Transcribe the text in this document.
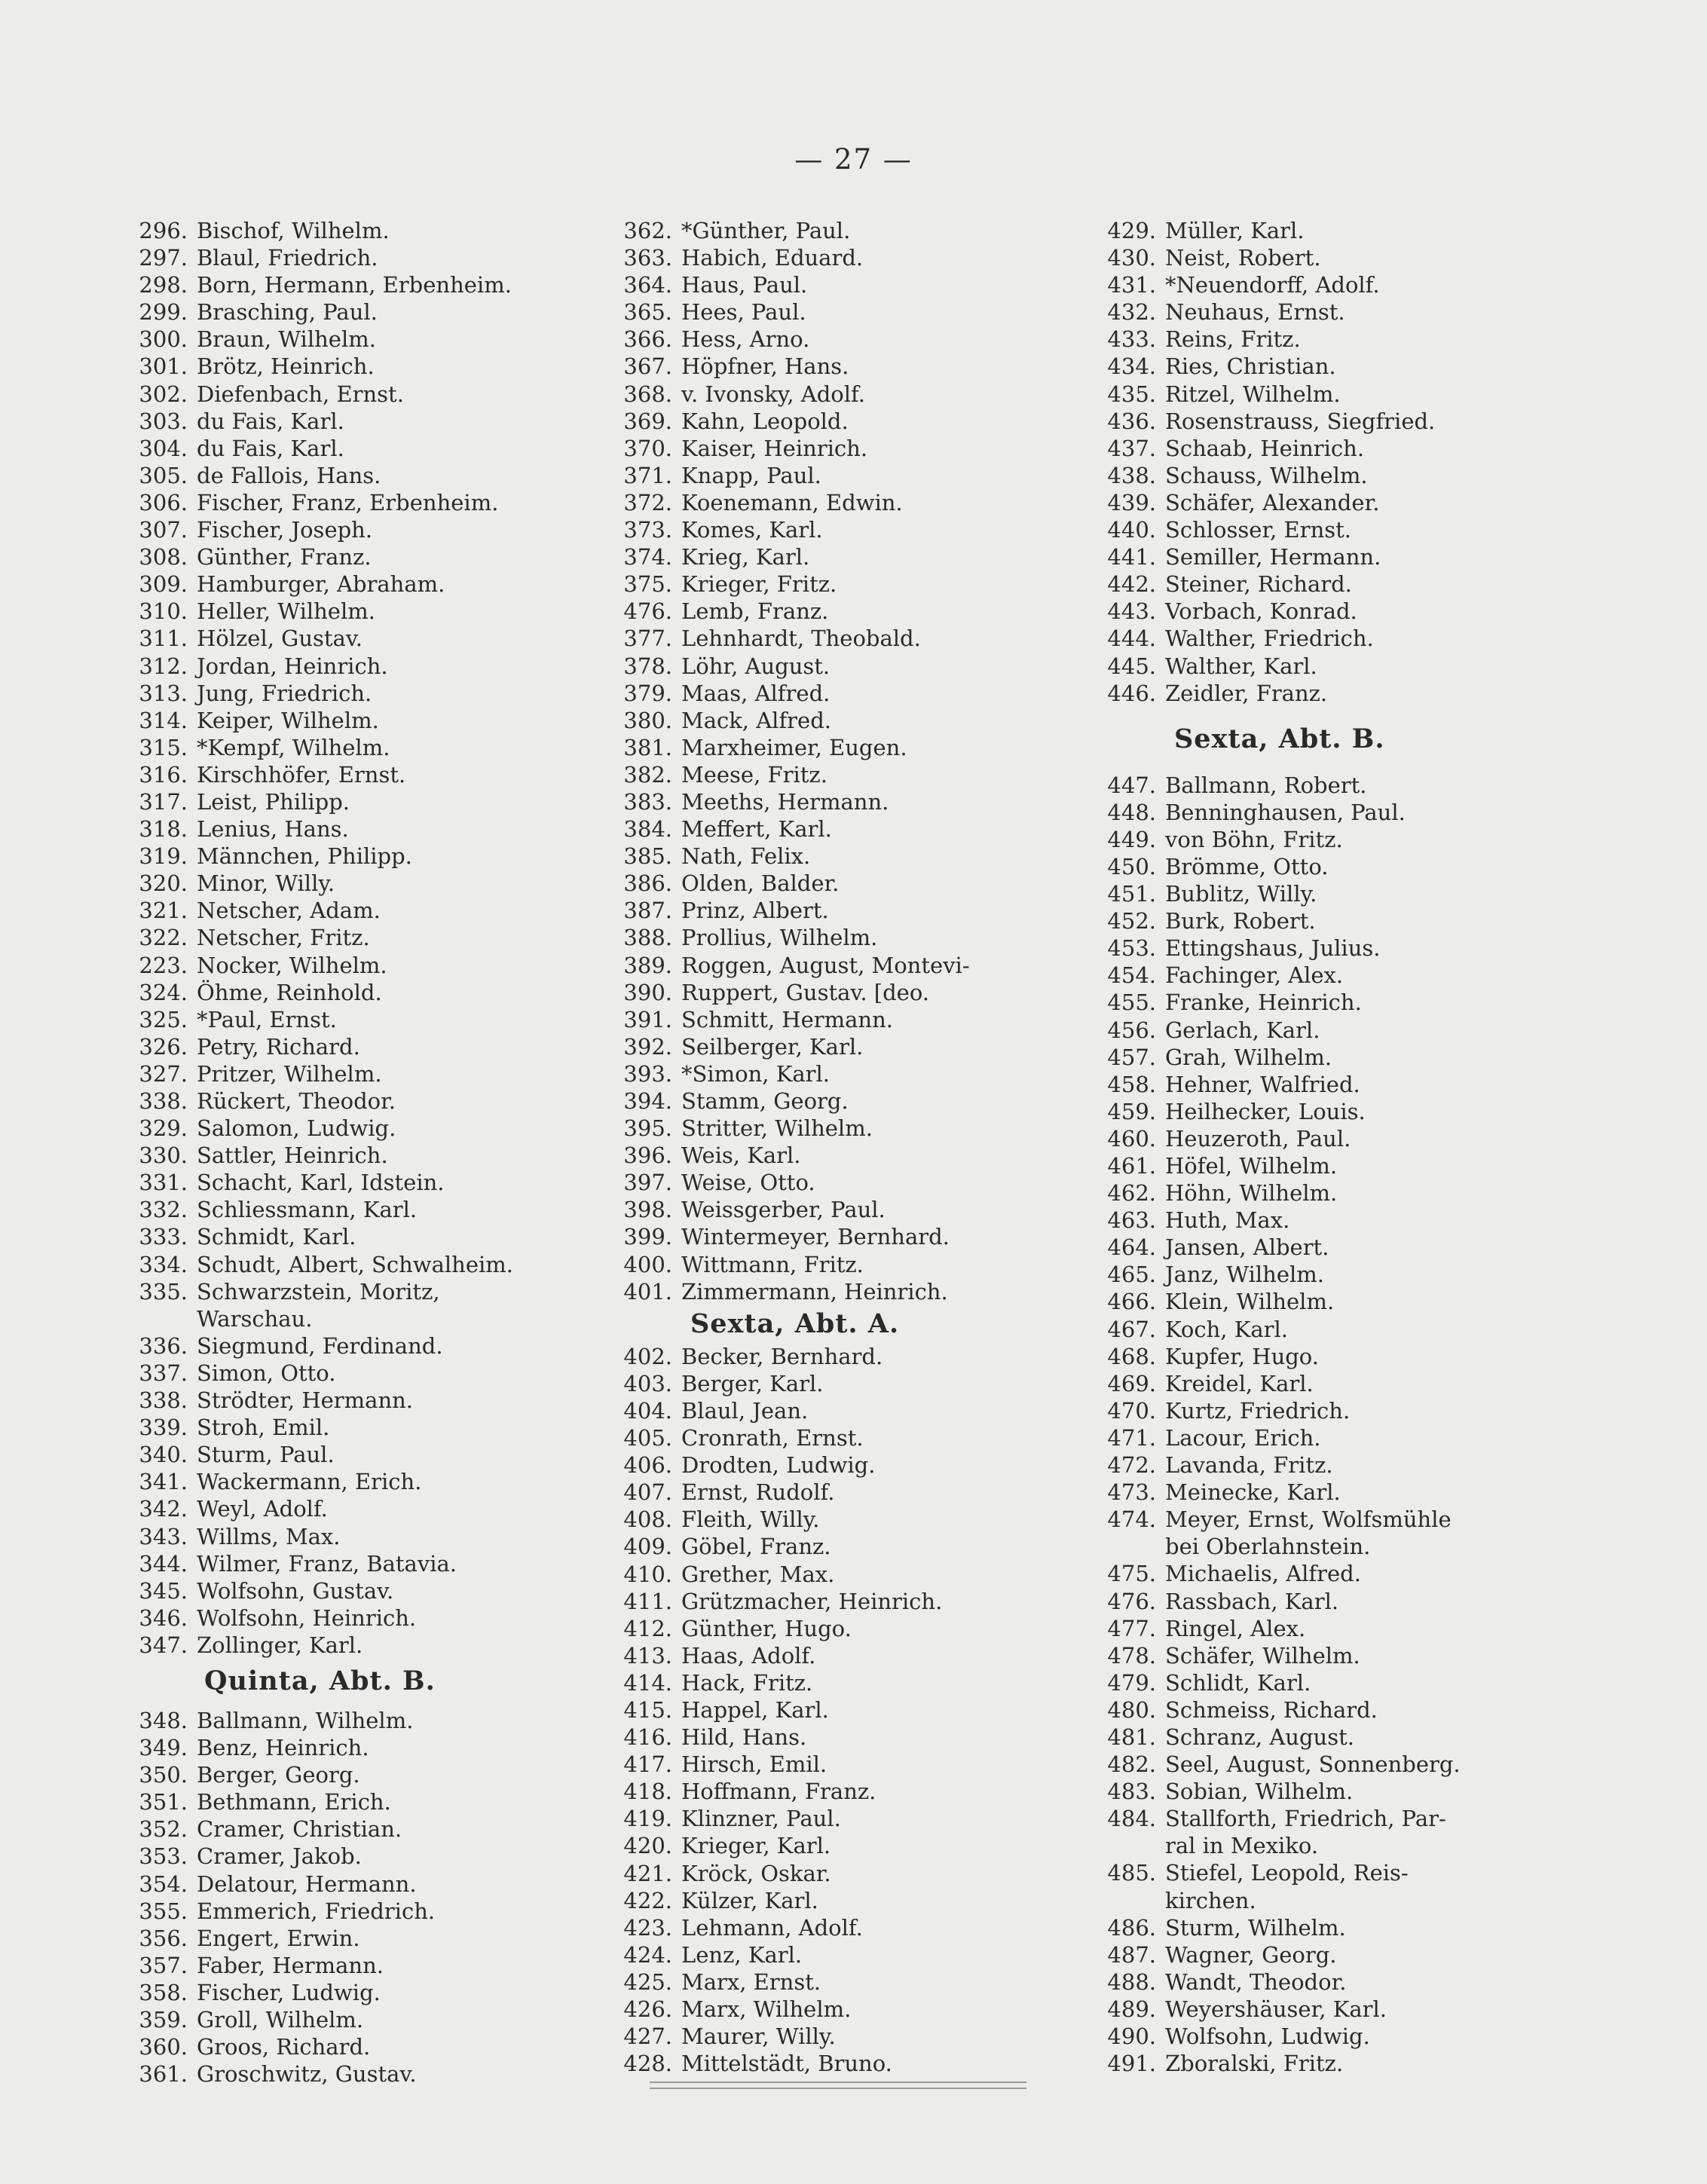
— 27 —
296. Bischof, Wilhelm.
297. Blaul, Friedrich.
298. Born, Hermann, Erbenheim.
299. Brasching, Paul.
300. Braun, Wilhelm.
301. Brötz, Heinrich.
302. Diefenbach, Ernst.
303. du Fais, Karl.
304. du Fais, Karl.
305. de Fallois, Hans.
306. Fischer, Franz, Erbenheim.
307. Fischer, Joseph.
308. Günther, Franz.
309. Hamburger, Abraham.
310. Heller, Wilhelm.
311. Hölzel, Gustav.
312. Jordan, Heinrich.
313. Jung, Friedrich.
314. Keiper, Wilhelm.
315. *Kempf, Wilhelm.
316. Kirschhöfer, Ernst.
317. Leist, Philipp.
318. Lenius, Hans.
319. Männchen, Philipp.
320. Minor, Willy.
321. Netscher, Adam.
322. Netscher, Fritz.
223. Nocker, Wilhelm.
324. Öhme, Reinhold.
325. *Paul, Ernst.
326. Petry, Richard.
327. Pritzer, Wilhelm.
338. Rückert, Theodor.
329. Salomon, Ludwig.
330. Sattler, Heinrich.
331. Schacht, Karl, Idstein.
332. Schliessmann, Karl.
333. Schmidt, Karl.
334. Schudt, Albert, Schwalheim.
335. Schwarzstein, Moritz,
Warschau.
336. Siegmund, Ferdinand.
337. Simon, Otto.
338. Strödter, Hermann.
339. Stroh, Emil.
340. Sturm, Paul.
341. Wackermann, Erich.
342. Weyl, Adolf.
343. Willms, Max.
344. Wilmer, Franz, Batavia.
345. Wolfsohn, Gustav.
346. Wolfsohn, Heinrich.
347. Zollinger, Karl.
Quinta, Abt. B.
348. Ballmann, Wilhelm.
349. Benz, Heinrich.
350. Berger, Georg.
351. Bethmann, Erich.
352. Cramer, Christian.
353. Cramer, Jakob.
354. Delatour, Hermann.
355. Emmerich, Friedrich.
356. Engert, Erwin.
357. Faber, Hermann.
358. Fischer, Ludwig.
359. Groll, Wilhelm.
360. Groos, Richard.
361. Groschwitz, Gustav.
362. *Günther, Paul.
363. Habich, Eduard.
364. Haus, Paul.
365. Hees, Paul.
366. Hess, Arno.
367. Höpfner, Hans.
368. v. Ivonsky, Adolf.
369. Kahn, Leopold.
370. Kaiser, Heinrich.
371. Knapp, Paul.
372. Koenemann, Edwin.
373. Komes, Karl.
374. Krieg, Karl.
375. Krieger, Fritz.
476. Lemb, Franz.
377. Lehnhardt, Theobald.
378. Löhr, August.
379. Maas, Alfred.
380. Mack, Alfred.
381. Marxheimer, Eugen.
382. Meese, Fritz.
383. Meeths, Hermann.
384. Meffert, Karl.
385. Nath, Felix.
386. Olden, Balder.
387. Prinz, Albert.
388. Prollius, Wilhelm.
389. Roggen, August, Montevi-
390. Ruppert, Gustav. [deo.
391. Schmitt, Hermann.
392. Seilberger, Karl.
393. *Simon, Karl.
394. Stamm, Georg.
395. Stritter, Wilhelm.
396. Weis, Karl.
397. Weise, Otto.
398. Weissgerber, Paul.
399. Wintermeyer, Bernhard.
400. Wittmann, Fritz.
401. Zimmermann, Heinrich.
Sexta, Abt. A.
402. Becker, Bernhard.
403. Berger, Karl.
404. Blaul, Jean.
405. Cronrath, Ernst.
406. Drodten, Ludwig.
407. Ernst, Rudolf.
408. Fleith, Willy.
409. Göbel, Franz.
410. Grether, Max.
411. Grützmacher, Heinrich.
412. Günther, Hugo.
413. Haas, Adolf.
414. Hack, Fritz.
415. Happel, Karl.
416. Hild, Hans.
417. Hirsch, Emil.
418. Hoffmann, Franz.
419. Klinzner, Paul.
420. Krieger, Karl.
421. Kröck, Oskar.
422. Külzer, Karl.
423. Lehmann, Adolf.
424. Lenz, Karl.
425. Marx, Ernst.
426. Marx, Wilhelm.
427. Maurer, Willy.
428. Mittelstädt, Bruno.
429. Müller, Karl.
430. Neist, Robert.
431. *Neuendorff, Adolf.
432. Neuhaus, Ernst.
433. Reins, Fritz.
434. Ries, Christian.
435. Ritzel, Wilhelm.
436. Rosenstrauss, Siegfried.
437. Schaab, Heinrich.
438. Schauss, Wilhelm.
439. Schäfer, Alexander.
440. Schlosser, Ernst.
441. Semiller, Hermann.
442. Steiner, Richard.
443. Vorbach, Konrad.
444. Walther, Friedrich.
445. Walther, Karl.
446. Zeidler, Franz.
Sexta, Abt. B.
447. Ballmann, Robert.
448. Benninghausen, Paul.
449. von Böhn, Fritz.
450. Brömme, Otto.
451. Bublitz, Willy.
452. Burk, Robert.
453. Ettingshaus, Julius.
454. Fachinger, Alex.
455. Franke, Heinrich.
456. Gerlach, Karl.
457. Grah, Wilhelm.
458. Hehner, Walfried.
459. Heilhecker, Louis.
460. Heuzeroth, Paul.
461. Höfel, Wilhelm.
462. Höhn, Wilhelm.
463. Huth, Max.
464. Jansen, Albert.
465. Janz, Wilhelm.
466. Klein, Wilhelm.
467. Koch, Karl.
468. Kupfer, Hugo.
469. Kreidel, Karl.
470. Kurtz, Friedrich.
471. Lacour, Erich.
472. Lavanda, Fritz.
473. Meinecke, Karl.
474. Meyer, Ernst, Wolfsmühle
bei Oberlahnstein.
475. Michaelis, Alfred.
476. Rassbach, Karl.
477. Ringel, Alex.
478. Schäfer, Wilhelm.
479. Schlidt, Karl.
480. Schmeiss, Richard.
481. Schranz, August.
482. Seel, August, Sonnenberg.
483. Sobian, Wilhelm.
484. Stallforth, Friedrich, Par-
ral in Mexiko.
485. Stiefel, Leopold, Reis-
kirchen.
486. Sturm, Wilhelm.
487. Wagner, Georg.
488. Wandt, Theodor.
489. Weyershäuser, Karl.
490. Wolfsohn, Ludwig.
491. Zboralski, Fritz.
